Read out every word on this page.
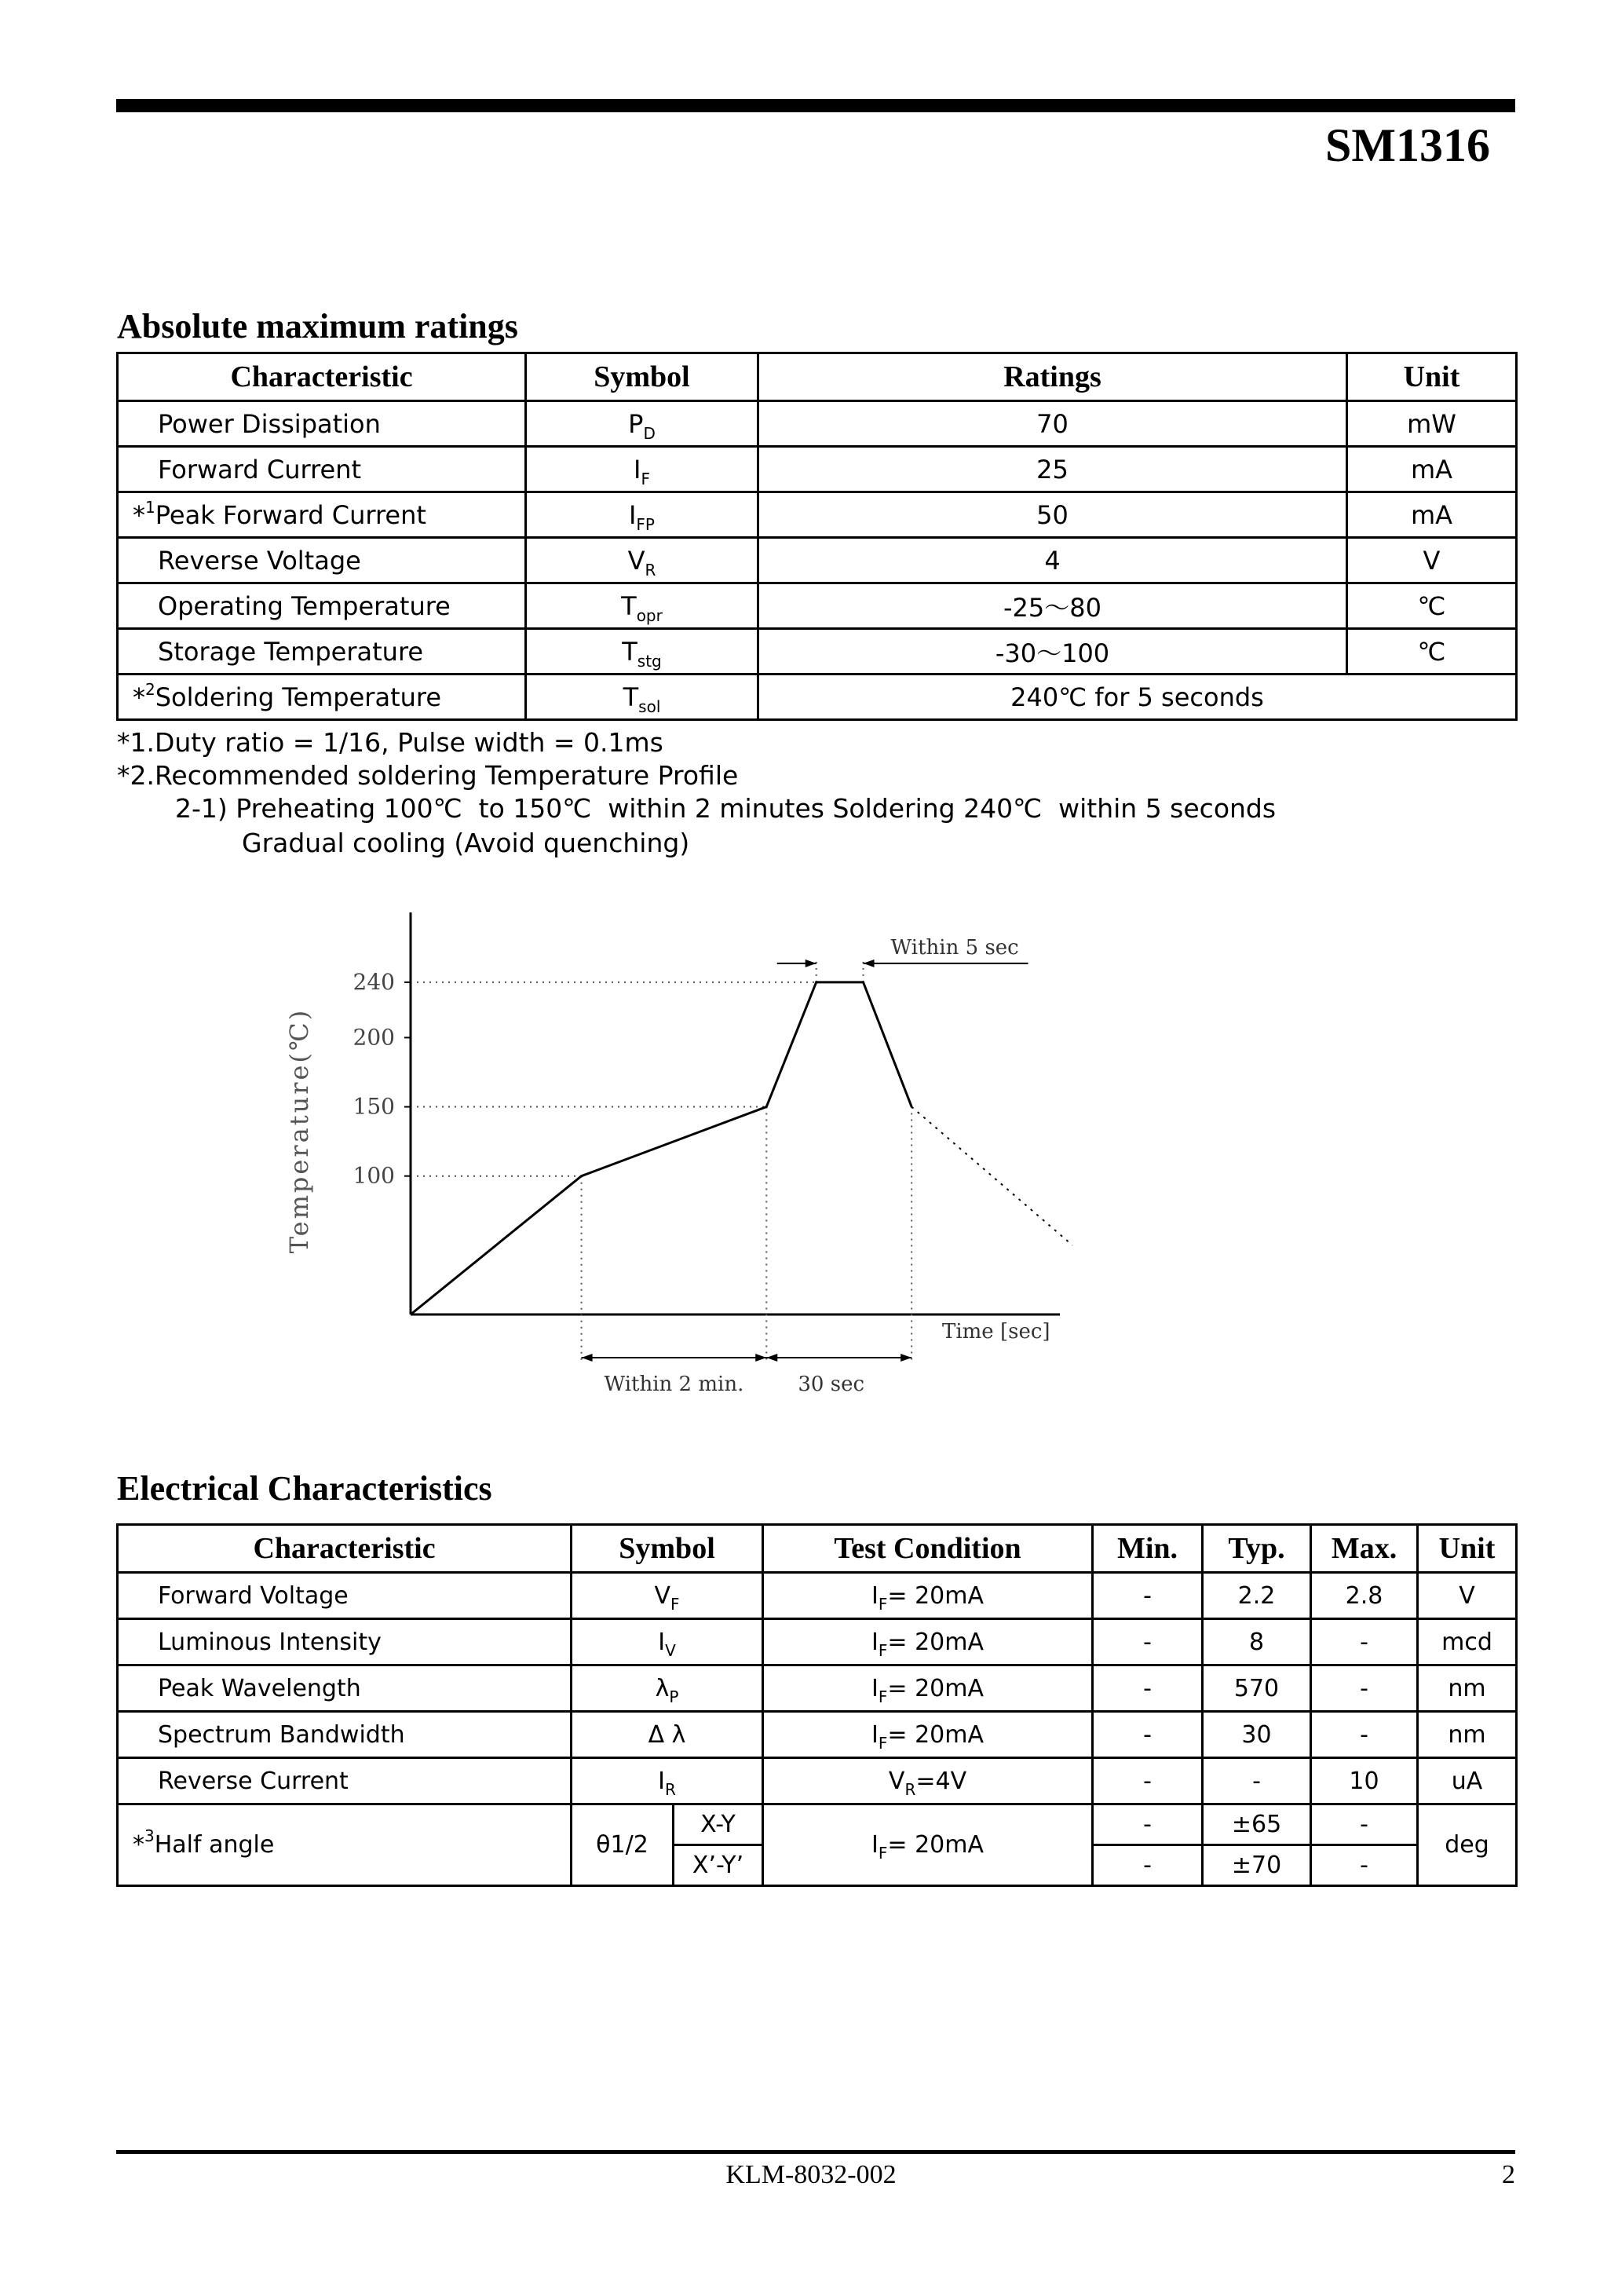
SM1316
Absolute maximum ratings
Characteristic	Symbol	Ratings	Unit
Power Dissipation	$P_D$	70	mW
Forward Current	$I_F$	25	mA
*$^1$Peak Forward Current	$I_{FP}$	50	mA
Reverse Voltage	$V_R$	4	V
Operating Temperature	$T_{opr}$	-25～80	℃
Storage Temperature	$T_{stg}$	-30～100	℃
*$^2$Soldering Temperature	$T_{sol}$	240℃ for 5 seconds	
*1.Duty ratio = 1/16, Pulse width = 0.1ms
*2.Recommended soldering Temperature Profile
2-1) Preheating 100℃  to 150℃  within 2 minutes Soldering 240℃  within 5 seconds
Gradual cooling (Avoid quenching)
Temperature(℃) 100
150
200
240
Within 5 sec
Within 2 min.	30 sec
Time [sec]
Electrical Characteristics
Characteristic	Symbol		Test Condition	Min.	Typ.	Max.	Unit
Forward Voltage	$V_F$		$I_F= 20mA$	-	2.2	2.8	V
Luminous Intensity	$I_V$		$I_F= 20mA$	-	8	-	mcd
Peak Wavelength	$\lambda_P$		$I_F= 20mA$	-	570	-	nm
Spectrum Bandwidth	Δ λ		$I_F= 20mA$	-	30	-	nm
Reverse Current	$I_R$		$V_R=4V$	-	-	10	uA
*$^3$Half angle	θ1/2	X-Y	$I_F= 20mA$	-	±65	-	deg
		X’-Y’		-	±70	-	
KLM-8032-002	2
